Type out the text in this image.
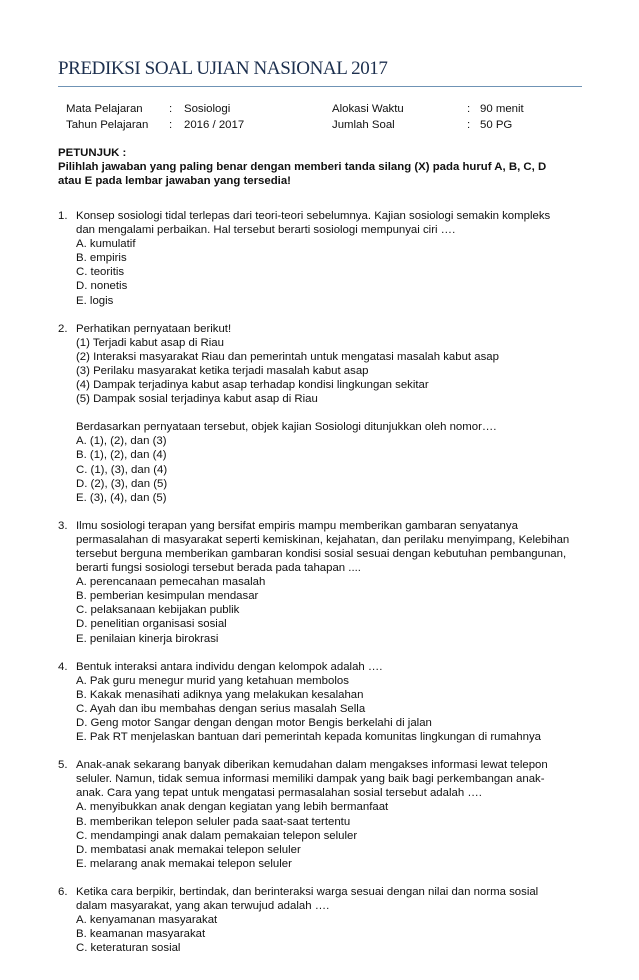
PREDIKSI SOAL UJIAN NASIONAL 2017
Mata Pelajaran : Sosiologi	Alokasi Waktu	: 90 menit
Tahun Pelajaran : 2016 / 2017	Jumlah Soal	: 50 PG
PETUNJUK :
Pilihlah jawaban yang paling benar dengan memberi tanda silang (X) pada huruf A, B, C, D
atau E pada lembar jawaban yang tersedia!
1. Konsep sosiologi tidal terlepas dari teori-teori sebelumnya. Kajian sosiologi semakin kompleks
dan mengalami perbaikan. Hal tersebut berarti sosiologi mempunyai ciri ….
A. kumulatif
B. empiris
C. teoritis
D. nonetis
E. logis
2. Perhatikan pernyataan berikut!
(1) Terjadi kabut asap di Riau
(2) Interaksi masyarakat Riau dan pemerintah untuk mengatasi masalah kabut asap
(3) Perilaku masyarakat ketika terjadi masalah kabut asap
(4) Dampak terjadinya kabut asap terhadap kondisi lingkungan sekitar
(5) Dampak sosial terjadinya kabut asap di Riau
Berdasarkan pernyataan tersebut, objek kajian Sosiologi ditunjukkan oleh nomor….
A. (1), (2), dan (3)
B. (1), (2), dan (4)
C. (1), (3), dan (4)
D. (2), (3), dan (5)
E. (3), (4), dan (5)
3. Ilmu sosiologi terapan yang bersifat empiris mampu memberikan gambaran senyatanya
permasalahan di masyarakat seperti kemiskinan, kejahatan, dan perilaku menyimpang, Kelebihan
tersebut berguna memberikan gambaran kondisi sosial sesuai dengan kebutuhan pembangunan,
berarti fungsi sosiologi tersebut berada pada tahapan ....
A. perencanaan pemecahan masalah
B. pemberian kesimpulan mendasar
C. pelaksanaan kebijakan publik
D. penelitian organisasi sosial
E. penilaian kinerja birokrasi
4. Bentuk interaksi antara individu dengan kelompok adalah ….
A. Pak guru menegur murid yang ketahuan membolos
B. Kakak menasihati adiknya yang melakukan kesalahan
C. Ayah dan ibu membahas dengan serius masalah Sella
D. Geng motor Sangar dengan dengan motor Bengis berkelahi di jalan
E. Pak RT menjelaskan bantuan dari pemerintah kepada komunitas lingkungan di rumahnya
5. Anak-anak sekarang banyak diberikan kemudahan dalam mengakses informasi lewat telepon
seluler. Namun, tidak semua informasi memiliki dampak yang baik bagi perkembangan anak-
anak. Cara yang tepat untuk mengatasi permasalahan sosial tersebut adalah ….
A. menyibukkan anak dengan kegiatan yang lebih bermanfaat
B. memberikan telepon seluler pada saat-saat tertentu
C. mendampingi anak dalam pemakaian telepon seluler
D. membatasi anak memakai telepon seluler
E. melarang anak memakai telepon seluler
6. Ketika cara berpikir, bertindak, dan berinteraksi warga sesuai dengan nilai dan norma sosial
dalam masyarakat, yang akan terwujud adalah ….
A. kenyamanan masyarakat
B. keamanan masyarakat
C. keteraturan sosial
